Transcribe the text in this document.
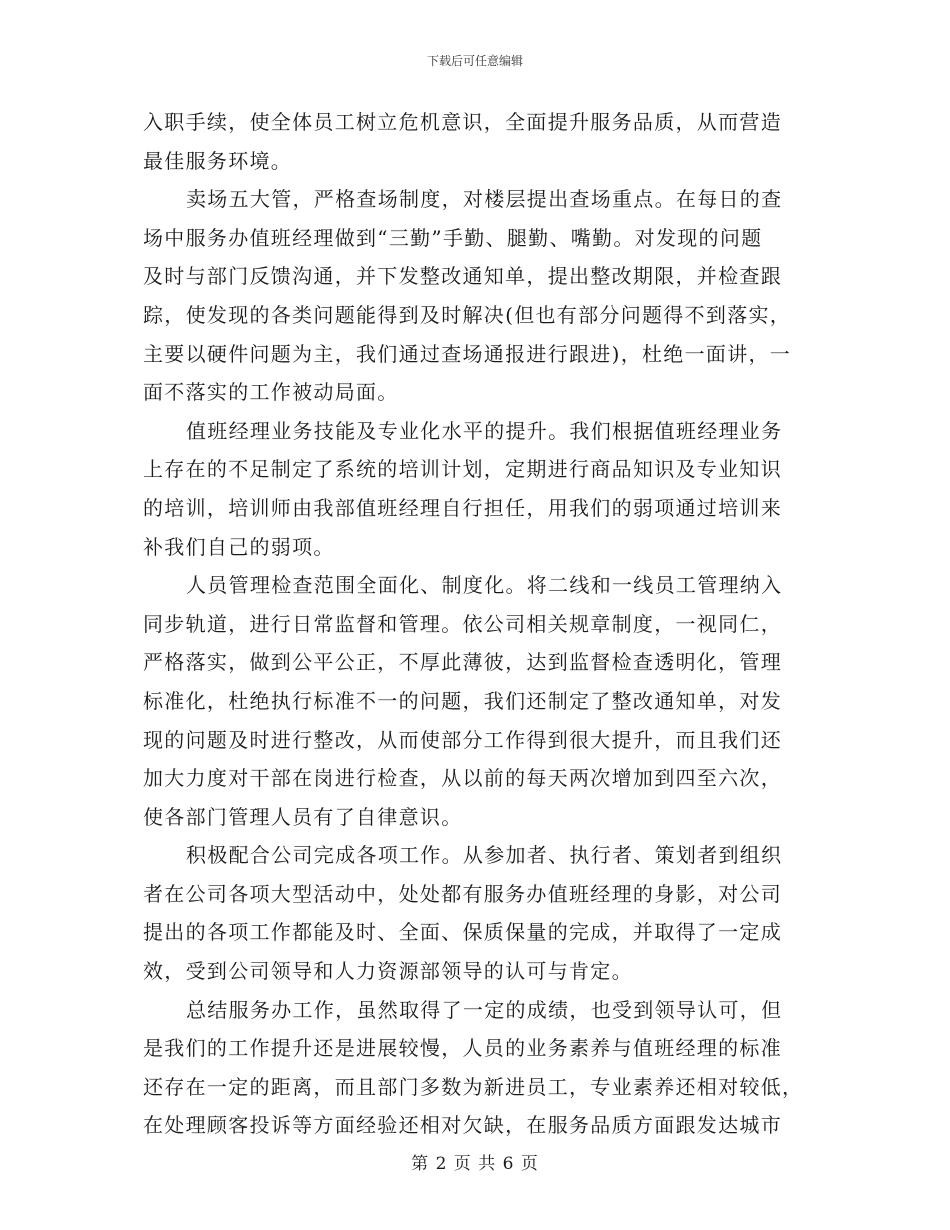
下载后可任意编辑
入职手续，使全体员工树立危机意识，全面提升服务品质，从而营造
最佳服务环境。
卖场五大管，严格查场制度，对楼层提出查场重点。在每日的查
场中服务办值班经理做到“三勤”手勤、腿勤、嘴勤。对发现的问题
及时与部门反馈沟通，并下发整改通知单，提出整改期限，并检查跟
踪，使发现的各类问题能得到及时解决(但也有部分问题得不到落实，
主要以硬件问题为主，我们通过查场通报进行跟进)，杜绝一面讲，一
面不落实的工作被动局面。
值班经理业务技能及专业化水平的提升。我们根据值班经理业务
上存在的不足制定了系统的培训计划，定期进行商品知识及专业知识
的培训，培训师由我部值班经理自行担任，用我们的弱项通过培训来
补我们自己的弱项。
人员管理检查范围全面化、制度化。将二线和一线员工管理纳入
同步轨道，进行日常监督和管理。依公司相关规章制度，一视同仁，
严格落实，做到公平公正，不厚此薄彼，达到监督检查透明化，管理
标准化，杜绝执行标准不一的问题，我们还制定了整改通知单，对发
现的问题及时进行整改，从而使部分工作得到很大提升，而且我们还
加大力度对干部在岗进行检查，从以前的每天两次增加到四至六次，
使各部门管理人员有了自律意识。
积极配合公司完成各项工作。从参加者、执行者、策划者到组织
者在公司各项大型活动中，处处都有服务办值班经理的身影，对公司
提出的各项工作都能及时、全面、保质保量的完成，并取得了一定成
效，受到公司领导和人力资源部领导的认可与肯定。
总结服务办工作，虽然取得了一定的成绩，也受到领导认可，但
是我们的工作提升还是进展较慢，人员的业务素养与值班经理的标准
还存在一定的距离，而且部门多数为新进员工，专业素养还相对较低，
在处理顾客投诉等方面经验还相对欠缺，在服务品质方面跟发达城市
第 2 页 共 6 页
